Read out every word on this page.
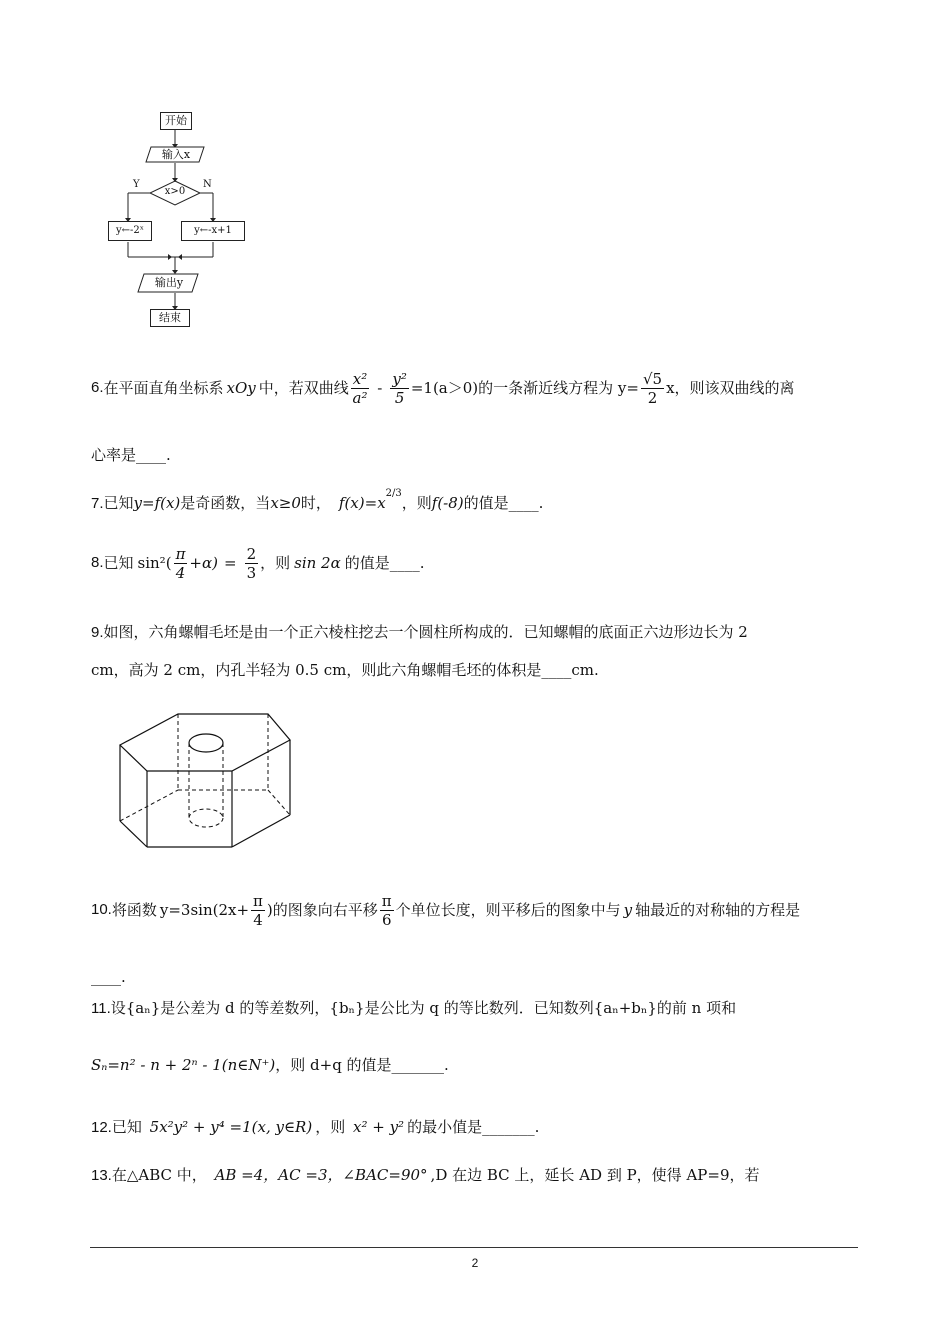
开始
输入x
x>0
Y	N
y←-2ˣ	y←-x+1
输出y
结束
6. 在平面直角坐标系 xOy 中，若双曲线 $\frac{\text{x²}}{\text{a²}} - \frac{\text{y²}}{5} =1(a>0)$的一条渐近线方程为 $y= \frac{√5}{2}$ x，则该双曲线的离
心率是____.
7.已知y=f(x)是奇函数，当x≥0时， $f(x)=x^{2/3}$，则f(-8)的值是____.
8. 已知 $\sin^2( \frac{\pi}{4} +\alpha) = \frac{2}{3}$ ，则 sin 2α 的值是____.
9.如图，六角螺帽毛坯是由一个正六棱柱挖去一个圆柱所构成的．已知螺帽的底面正六边形边长为 2
cm，高为 2 cm，内孔半轻为 0.5 cm，则此六角螺帽毛坯的体积是____cm.
10. 将函数 $y=3\sin(2x+ \frac{\pi}{4}$ ) 的图象向右平移 $\frac{\pi}{6}$ 个单位长度，则平移后的图象中与 y 轴最近的对称轴的方程是
____.
11.设{aₙ}是公差为 d 的等差数列，{bₙ}是公比为 q 的等比数列．已知数列{aₙ+bₙ}的前 n 项和
Sₙ=n² - n + 2ⁿ - 1(n∈N⁺)，则 d+q 的值是_______.
12.已知 5x²y² + y⁴ =1(x, y∈R) ，则 x² + y² 的最小值是_______.
13.在△ABC 中， AB =4，AC =3，∠BAC=90° ,D 在边 BC 上，延长 AD 到 P，使得 AP=9，若
2
